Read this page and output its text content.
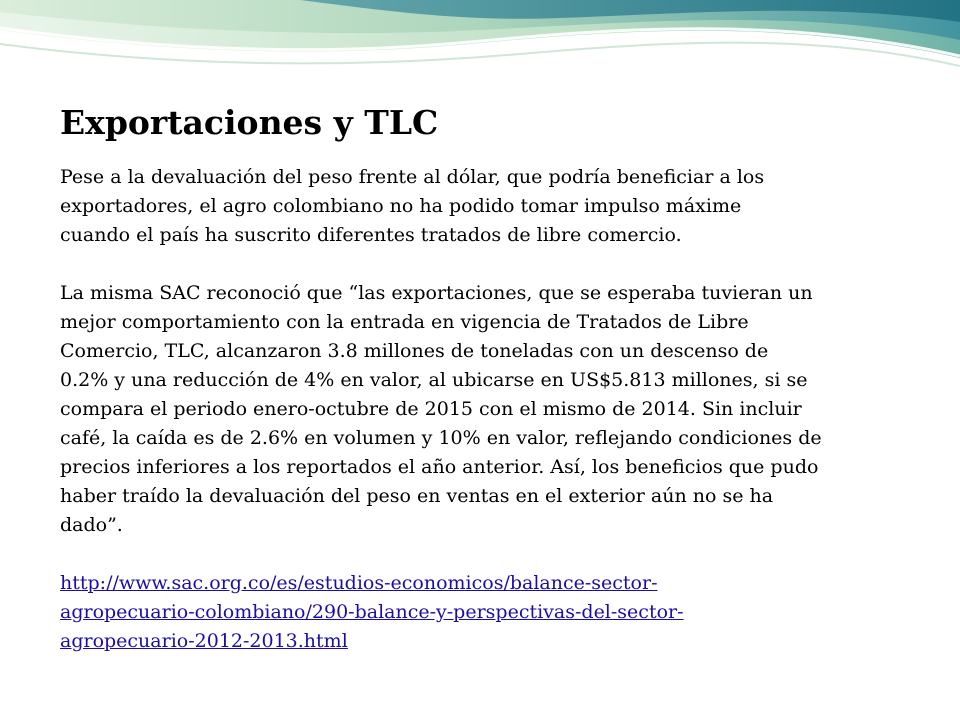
Exportaciones y TLC

Pese a la devaluación del peso frente al dólar, que podría beneficiar a los

exportadores, el agro colombiano no ha podido tomar impulso máxime

cuando el país ha suscrito diferentes tratados de libre comercio.

La misma SAC reconoció que “las exportaciones, que se esperaba tuvieran un

mejor comportamiento con la entrada en vigencia de Tratados de Libre

Comercio, TLC, alcanzaron 3.8 millones de toneladas con un descenso de

0.2% y una reducción de 4% en valor, al ubicarse en US$5.813 millones, si se

compara el periodo enero-octubre de 2015 con el mismo de 2014. Sin incluir

café, la caída es de 2.6% en volumen y 10% en valor, reflejando condiciones de

precios inferiores a los reportados el año anterior. Así, los beneficios que pudo

haber traído la devaluación del peso en ventas en el exterior aún no se ha

dado”.

http://www.sac.org.co/es/estudios-economicos/balance-sector-
agropecuario-colombiano/290-balance-y-perspectivas-del-sector-
agropecuario-2012-2013.html
